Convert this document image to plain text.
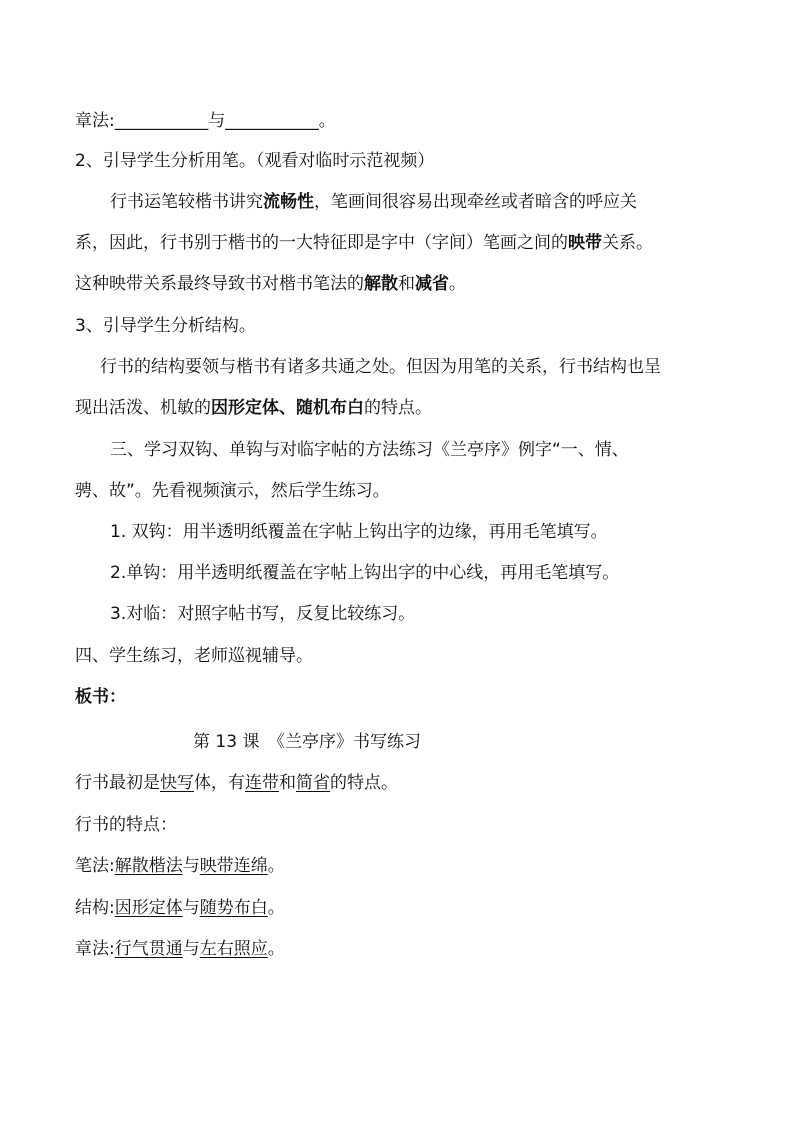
章法:___________与___________。
2、引导学生分析用笔。（观看对临时示范视频）
行书运笔较楷书讲究流畅性，笔画间很容易出现牵丝或者暗含的呼应关
系，因此，行书别于楷书的一大特征即是字中（字间）笔画之间的映带关系。
这种映带关系最终导致书对楷书笔法的解散和减省。
3、引导学生分析结构。
行书的结构要领与楷书有诸多共通之处。但因为用笔的关系，行书结构也呈
现出活泼、机敏的因形定体、随机布白的特点。
三、学习双钩、单钩与对临字帖的方法练习《兰亭序》例字“一、情、
骋、故”。先看视频演示，然后学生练习。
1. 双钩：用半透明纸覆盖在字帖上钩出字的边缘，再用毛笔填写。
2.单钩：用半透明纸覆盖在字帖上钩出字的中心线，再用毛笔填写。
3.对临：对照字帖书写，反复比较练习。
四、学生练习，老师巡视辅导。
板书：
第 13 课　《兰亭序》书写练习
行书最初是快写体，有连带和简省的特点。
行书的特点：
笔法:解散楷法与映带连绵。
结构:因形定体与随势布白。
章法:行气贯通与左右照应。
